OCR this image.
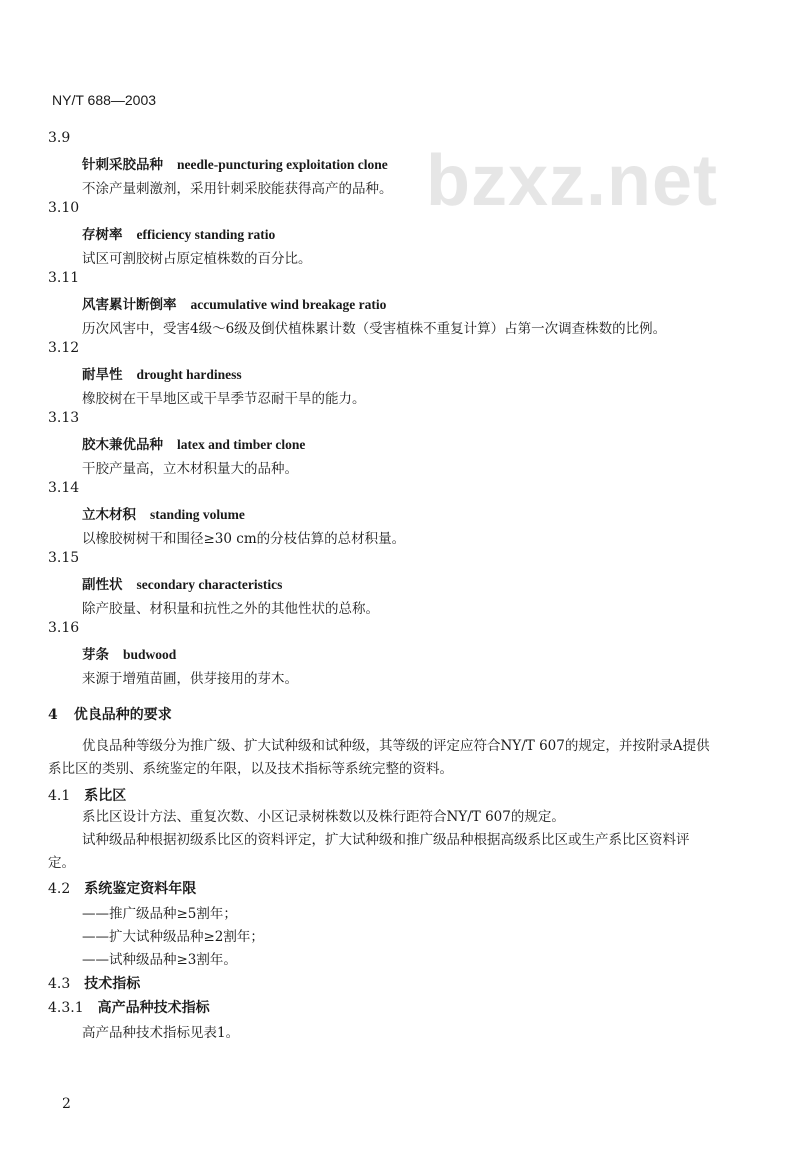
NY/T 688—2003
bzxz.net
3.9
针刺采胶品种 needle-puncturing exploitation clone
不涂产量刺激剂，采用针刺采胶能获得高产的品种。
3.10
存树率 efficiency standing ratio
试区可割胶树占原定植株数的百分比。
3.11
风害累计断倒率 accumulative wind breakage ratio
历次风害中，受害4级～6级及倒伏植株累计数（受害植株不重复计算）占第一次调查株数的比例。
3.12
耐旱性 drought hardiness
橡胶树在干旱地区或干旱季节忍耐干旱的能力。
3.13
胶木兼优品种 latex and timber clone
干胶产量高，立木材积量大的品种。
3.14
立木材积 standing volume
以橡胶树树干和围径≥30 cm的分枝估算的总材积量。
3.15
副性状 secondary characteristics
除产胶量、材积量和抗性之外的其他性状的总称。
3.16
芽条 budwood
来源于增殖苗圃，供芽接用的芽木。
4 优良品种的要求
优良品种等级分为推广级、扩大试种级和试种级，其等级的评定应符合NY/T 607的规定，并按附录A提供系比区的类别、系统鉴定的年限，以及技术指标等系统完整的资料。
4.1 系比区
系比区设计方法、重复次数、小区记录树株数以及株行距符合NY/T 607的规定。
试种级品种根据初级系比区的资料评定，扩大试种级和推广级品种根据高级系比区或生产系比区资料评定。
4.2 系统鉴定资料年限
——推广级品种≥5割年；
——扩大试种级品种≥2割年；
——试种级品种≥3割年。
4.3 技术指标
4.3.1 高产品种技术指标
高产品种技术指标见表1。
2
